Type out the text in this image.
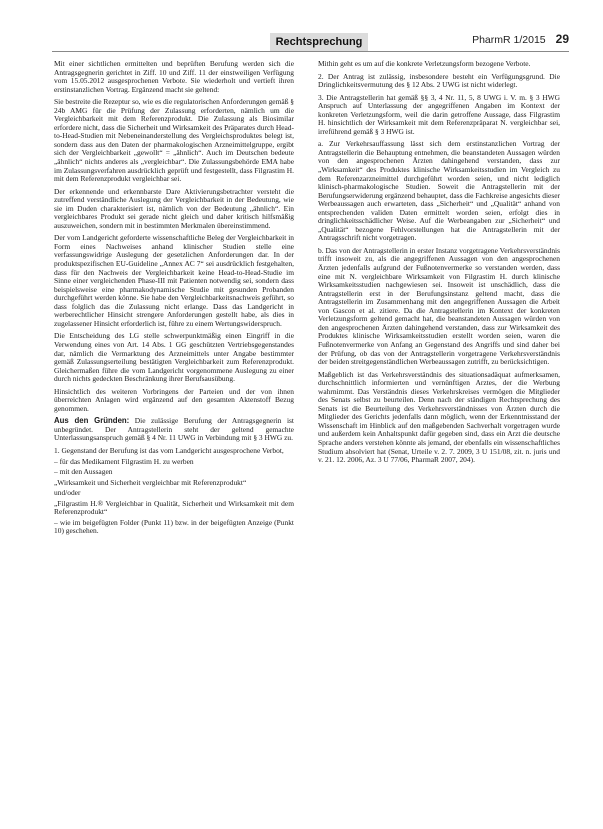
Rechtsprechung	PharmR 1/2015 29

Mit einer sichtlichen ermittelten und beprüften Berufung werden sich die Antragsgegnerin gerichtet in Ziff. 10 und Ziff. 11 der einstweiligen Verfügung vom 15.05.2012 ausgesprochenen Verbote. Sie wiederholt und vertieft ihren erstinstanzlichen Vortrag. Ergänzend macht sie geltend:

Sie bestreite die Rezeptur so, wie es die regulatorischen Anforderungen gemäß § 24b AMG für die Prüfung der Zulassung erforderten, nämlich um die Vergleichbarkeit mit dem Referenzprodukt. Die Zulassung als Biosimilar erfordere nicht, dass die Sicherheit und Wirksamkeit des Präparates durch Head-to-Head-Studien mit Nebeneinanderstellung des Vergleichsproduktes belegt ist, sondern dass aus den Daten der pharmakologischen Arzneimittelgruppe, ergibt sich der Vergleichbarkeit „gewollt“ = „ähnlich“. Auch im Deutschen bedeute „ähnlich“ nichts anderes als „vergleichbar“. Die Zulassungsbehörde EMA habe im Zulassungsverfahren ausdrücklich geprüft und festgestellt, dass Filgrastim H. mit dem Referenzprodukt vergleichbar sei.

Der erkennende und erkennbarste Dare Aktivierungsbetrachter versteht die zutreffend verständliche Auslegung der Vergleichbarkeit in der Bedeutung, wie sie im Duden charakterisiert ist, nämlich von der Bedeutung „ähnlich“. Ein vergleichbares Produkt sei gerade nicht gleich und daher kritisch hilfsmäßig auszuweichen, sondern mit in bestimmten Merkmalen übereinstimmend.

Der vom Landgericht geforderte wissenschaftliche Beleg der Vergleichbarkeit in Form eines Nachweises anhand klinischer Studien stelle eine verfassungswidrige Auslegung der gesetzlichen Anforderungen dar. In der produktspezifischen EU-Guideline „Annex AC 7“ sei ausdrücklich festgehalten, dass für den Nachweis der Vergleichbarkeit keine Head-to-Head-Studie im Sinne einer vergleichenden Phase-III mit Patienten notwendig sei, sondern dass beispielsweise eine pharmakodynamische Studie mit gesunden Probanden durchgeführt werden könne. Sie habe den Vergleichbarkeitsnachweis geführt, so dass folglich das die Zulassung nicht erlange. Dass das Landgericht in werberechtlicher Hinsicht strengere Anforderungen gestellt habe, als dies in zugelassener Hinsicht erforderlich ist, führe zu einem Wertungswiderspruch.

Die Entscheidung des LG stelle schwerpunktmäßig einen Eingriff in die Verwendung eines von Art. 14 Abs. 1 GG geschützten Vertriebsgegenstandes dar, nämlich die Vermarktung des Arzneimittels unter Angabe bestimmter gemäß Zulassungserteilung bestätigten Vergleichbarkeit zum Referenzprodukt. Gleichermaßen führe die vom Landgericht vorgenommene Auslegung zu einer durch nichts gedeckten Beschränkung ihrer Berufsausübung.

Hinsichtlich des weiteren Vorbringens der Parteien und der von ihnen überreichten Anlagen wird ergänzend auf den gesamten Aktenstoff Bezug genommen.

Aus den Gründen: Die zulässige Berufung der Antragsgegnerin ist unbegründet. Der Antragstellerin steht der geltend gemachte Unterlassungsanspruch gemäß § 4 Nr. 11 UWG in Verbindung mit § 3 HWG zu.

1. Gegenstand der Berufung ist das vom Landgericht ausgesprochene Verbot,

– für das Medikament Filgrastim H. zu werben

– mit den Aussagen

„Wirksamkeit und Sicherheit vergleichbar mit Referenzprodukt“

und/oder

„Filgrastim H.® Vergleichbar in Qualität, Sicherheit und Wirksamkeit mit dem Referenzprodukt“

– wie im beigefügten Folder (Punkt 11) bzw. in der beigefügten Anzeige (Punkt 10) geschehen.

Mithin geht es um auf die konkrete Verletzungsform bezogene Verbote.

2. Der Antrag ist zulässig, insbesondere besteht ein Verfügungsgrund. Die Dringlichkeitsvermutung des § 12 Abs. 2 UWG ist nicht widerlegt.

3. Die Antragstellerin hat gemäß §§ 3, 4 Nr. 11, 5, 8 UWG i. V. m. § 3 HWG Anspruch auf Unterlassung der angegriffenen Angaben im Kontext der konkreten Verletzungsform, weil die darin getroffene Aussage, dass Filgrastim H. hinsichtlich der Wirksamkeit mit dem Referenzpräparat N. vergleichbar sei, irreführend gemäß § 3 HWG ist.

a. Zur Verkehrsauffassung lässt sich dem erstinstanzlichen Vortrag der Antragstellerin die Behauptung entnehmen, die beanstandeten Aussagen würden von den angesprochenen Ärzten dahingehend verstanden, dass zur „Wirksamkeit“ des Produktes klinische Wirksamkeitsstudien im Vergleich zu dem Referenzarzneimittel durchgeführt worden seien, und nicht lediglich klinisch-pharmakologische Studien. Soweit die Antragstellerin mit der Berufungserwiderung ergänzend behauptet, dass die Fachkreise angesichts dieser Werbeaussagen auch erwarteten, dass „Sicherheit“ und „Qualität“ anhand von entsprechenden validen Daten ermittelt worden seien, erfolgt dies in dringlichkeitsschädlicher Weise. Auf die Werbeangaben zur „Sicherheit“ und „Qualität“ bezogene Fehlvorstellungen hat die Antragstellerin mit der Antragsschrift nicht vorgetragen.

b. Das von der Antragstellerin in erster Instanz vorgetragene Verkehrsverständnis trifft insoweit zu, als die angegriffenen Aussagen von den angesprochenen Ärzten jedenfalls aufgrund der Fußnotenvermerke so verstanden werden, dass eine mit N. vergleichbare Wirksamkeit von Filgrastim H. durch klinische Wirksamkeitsstudien nachgewiesen sei. Insoweit ist unschädlich, dass die Antragstellerin erst in der Berufungsinstanz geltend macht, dass die Antragstellerin im Zusammenhang mit den angegriffenen Aussagen die Arbeit von Gascon et al. zitiere. Da die Antragstellerin im Kontext der konkreten Verletzungsform geltend gemacht hat, die beanstandeten Aussagen würden von den angesprochenen Ärzten dahingehend verstanden, dass zur Wirksamkeit des Produktes klinische Wirksamkeitsstudien erstellt worden seien, waren die Fußnotenvermerke von Anfang an Gegenstand des Angriffs und sind daher bei der Prüfung, ob das von der Antragstellerin vorgetragene Verkehrsverständnis der beiden streitgegenständlichen Werbeaussagen zutrifft, zu berücksichtigen.

Maßgeblich ist das Verkehrsverständnis des situationsadäquat aufmerksamen, durchschnittlich informierten und vernünftigen Arztes, der die Werbung wahrnimmt. Das Verständnis dieses Verkehrskreises vermögen die Mitglieder des Senats selbst zu beurteilen. Denn nach der ständigen Rechtsprechung des Senats ist die Beurteilung des Verkehrsverständnisses von Ärzten durch die Mitglieder des Gerichts jedenfalls dann möglich, wenn der Erkenntnisstand der Wissenschaft im Hinblick auf den maßgebenden Sachverhalt vorgetragen wurde und außerdem kein Anhaltspunkt dafür gegeben sind, dass ein Arzt die deutsche Sprache anders verstehen könnte als jemand, der ebenfalls ein wissenschaftliches Studium absolviert hat (Senat, Urteile v. 2. 7. 2009, 3 U 151/08, zit. n. juris und v. 21. 12. 2006, Az. 3 U 77/06, PharmaR 2007, 204).
